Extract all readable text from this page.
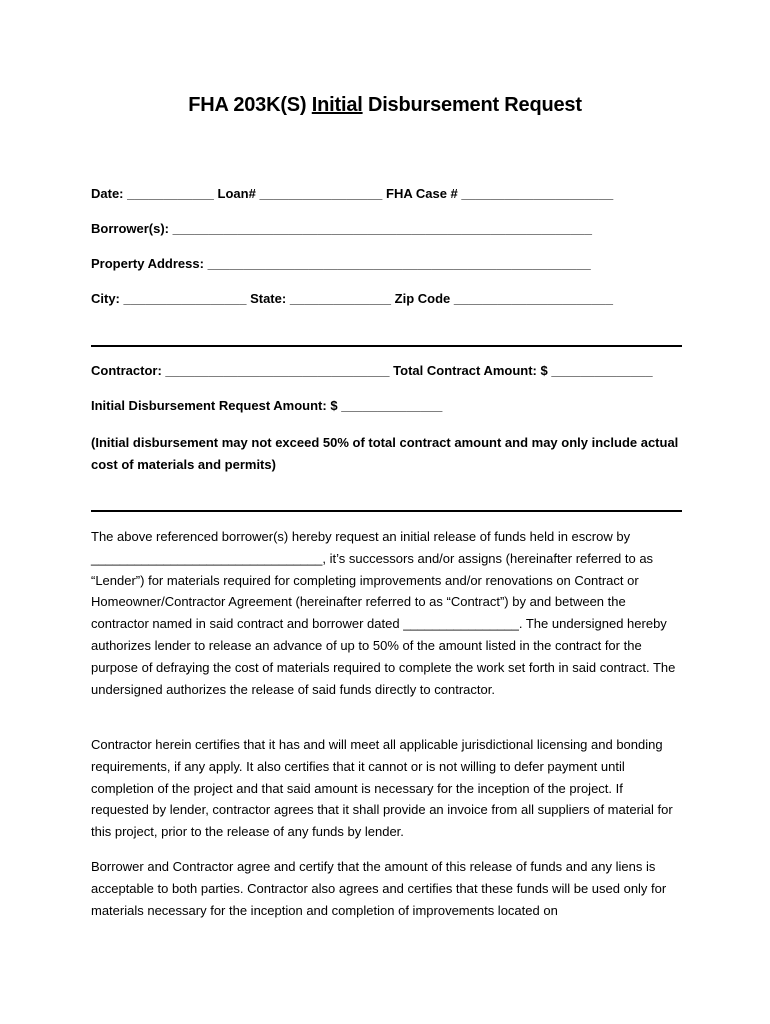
FHA 203K(S) Initial Disbursement Request
Date: ____________ Loan# _________________ FHA Case # _____________________
Borrower(s): __________________________________________________________
Property Address: _____________________________________________________
City: _________________ State: ______________ Zip Code ______________________
Contractor: _______________________________ Total Contract Amount: $ ______________
Initial Disbursement Request Amount: $ ______________
(Initial disbursement may not exceed 50% of total contract amount and may only include actual cost of materials and permits)
The above referenced borrower(s) hereby request an initial release of funds held in escrow by ________________________________, it’s successors and/or assigns (hereinafter referred to as “Lender”) for materials required for completing improvements and/or renovations on Contract or Homeowner/Contractor Agreement (hereinafter referred to as “Contract”) by and between the contractor named in said contract and borrower dated ________________. The undersigned hereby authorizes lender to release an advance of up to 50% of the amount listed in the contract for the purpose of defraying the cost of materials required to complete the work set forth in said contract. The undersigned authorizes the release of said funds directly to contractor.
Contractor herein certifies that it has and will meet all applicable jurisdictional licensing and bonding requirements, if any apply. It also certifies that it cannot or is not willing to defer payment until completion of the project and that said amount is necessary for the inception of the project. If requested by lender, contractor agrees that it shall provide an invoice from all suppliers of material for this project, prior to the release of any funds by lender.
Borrower and Contractor agree and certify that the amount of this release of funds and any liens is acceptable to both parties. Contractor also agrees and certifies that these funds will be used only for materials necessary for the inception and completion of improvements located on
